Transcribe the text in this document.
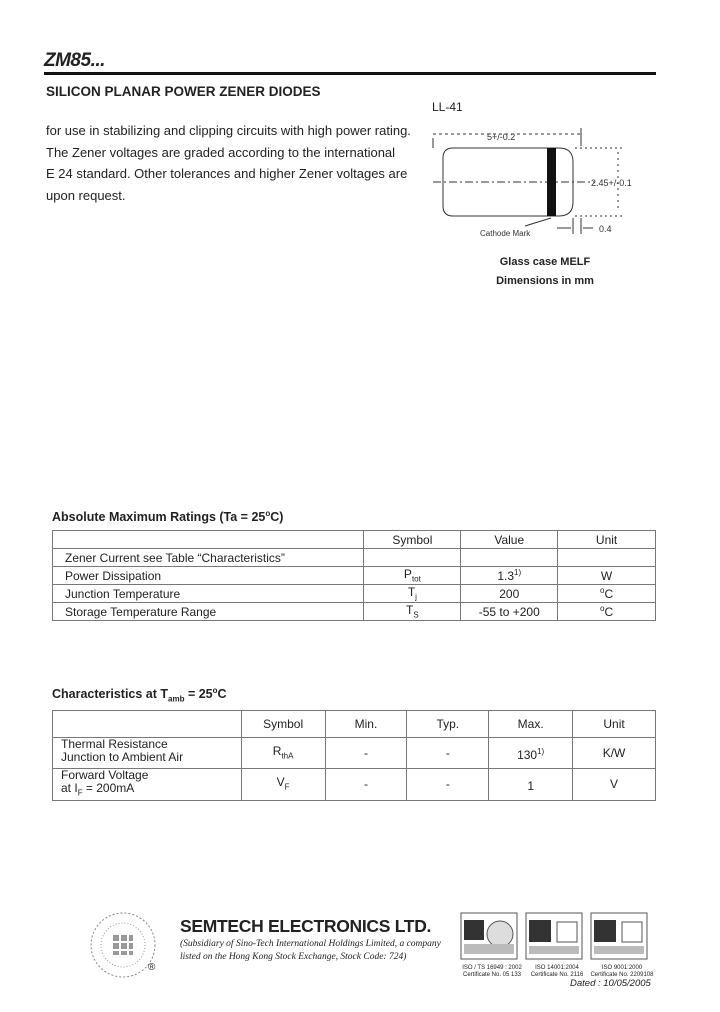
ZM85...
SILICON PLANAR POWER ZENER DIODES
for use in stabilizing and clipping circuits with high power rating.
The Zener voltages are graded according to the international
E 24 standard. Other tolerances and higher Zener voltages are
upon request.
LL-41
5+/-0.2
2.45+/-0.1
0.4
Cathode Mark
Glass case MELF
Dimensions in mm
Absolute Maximum Ratings $(Ta = 25^oC)$
	Symbol	Value	Unit
Zener Current see Table “Characteristics”			
Power Dissipation	$P_{tot}$	1.3$^{1)}$	W
Junction Temperature	$T_j$	200	$^o$C
Storage Temperature Range	$T_S$	-55 to +200	$^o$C
Characteristics at $T_{amb} = 25^oC$
	Symbol	Min.	Typ.	Max.	Unit

Thermal Resistance
Junction to Ambient Air	$R_{thA}$	-	-	130$^{1)}$	K/W

Forward Voltage
at $I_F = 200mA$	$V_F$	-	-	1	V
®
SEMTECH ELECTRONICS LTD.
(Subsidiary of Sino-Tech International Holdings Limited, a company
listed on the Hong Kong Stock Exchange, Stock Code: 724)
ISO / TS 16949 : 2002
Certificate No. 05 133
ISO 14001:2004
Certificate No. 2116
ISO 9001:2000
Certificate No. 2209108
Dated : 10/05/2005
